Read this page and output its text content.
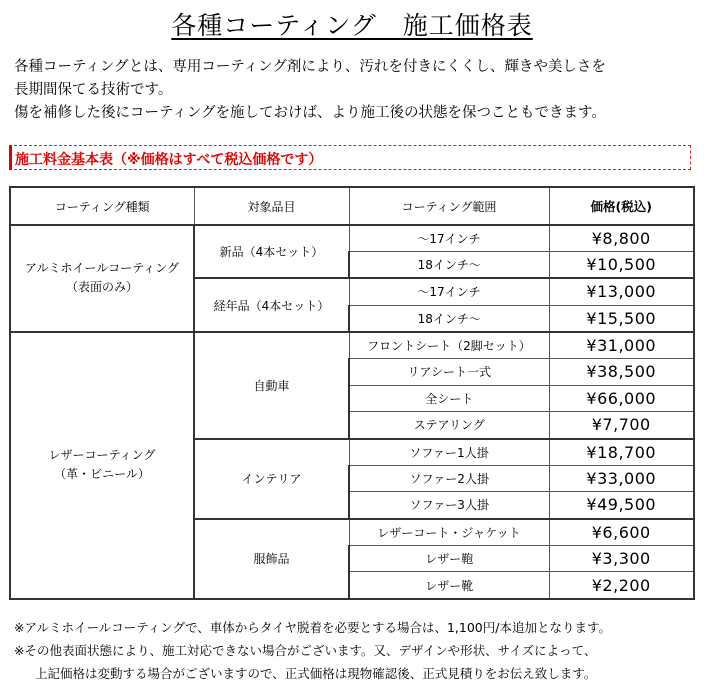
各種コーティング　施工価格表
各種コーティングとは、専用コーティング剤により、汚れを付きにくくし、輝きや美しさを
長期間保てる技術です。
傷を補修した後にコーティングを施しておけば、より施工後の状態を保つこともできます。
施工料金基本表（※価格はすべて税込価格です）
コーティング種類	対象品目	コーティング範囲	価格(税込)

アルミホイールコーティング
（表面のみ）	新品（4本セット）	～17インチ	¥8,800
		18インチ～	¥10,500
	経年品（4本セット）	～17インチ	¥13,000
		18インチ～	¥15,500

レザーコーティング
（革・ビニール）	自動車	フロントシート（2脚セット）	¥31,000
		リアシート一式	¥38,500
		全シート	¥66,000
		ステアリング	¥7,700
	インテリア	ソファー1人掛	¥18,700
		ソファー2人掛	¥33,000
		ソファー3人掛	¥49,500
	服飾品	レザーコート・ジャケット	¥6,600
		レザー鞄	¥3,300
		レザー靴	¥2,200
※アルミホイールコーティングで、車体からタイヤ脱着を必要とする場合は、1,100円/本追加となります。
※その他表面状態により、施工対応できない場合がございます。又、デザインや形状、サイズによって、
上記価格は変動する場合がございますので、正式価格は現物確認後、正式見積りをお伝え致します。
